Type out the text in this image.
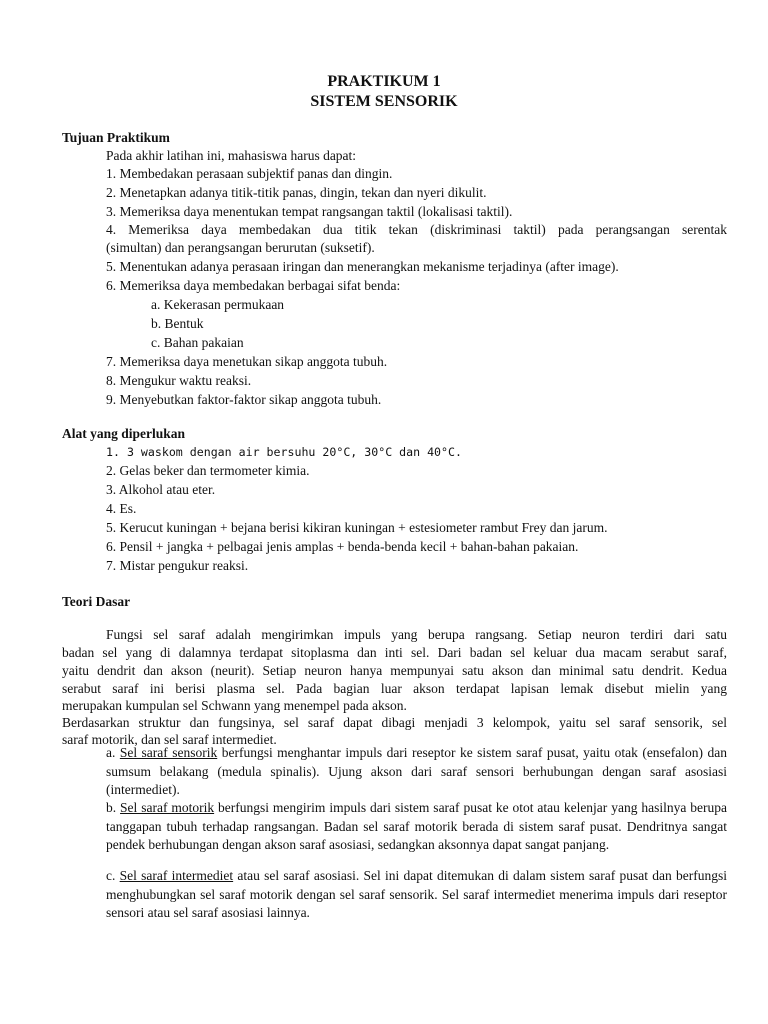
PRAKTIKUM 1

SISTEM SENSORIK

Tujuan Praktikum

Pada akhir latihan ini, mahasiswa harus dapat:

1. Membedakan perasaan subjektif panas dan dingin.

2. Menetapkan adanya titik-titik panas, dingin, tekan dan nyeri dikulit.

3. Memeriksa daya menentukan tempat rangsangan taktil (lokalisasi taktil).

4. Memeriksa daya membedakan dua titik tekan (diskriminasi taktil) pada perangsangan serentak

(simultan) dan perangsangan berurutan (suksetif).

5. Menentukan adanya perasaan iringan dan menerangkan mekanisme terjadinya (after image).

6. Memeriksa daya membedakan berbagai sifat benda:

a. Kekerasan permukaan

b. Bentuk

c. Bahan pakaian

7. Memeriksa daya menetukan sikap anggota tubuh.

8. Mengukur waktu reaksi.

9. Menyebutkan faktor-faktor sikap anggota tubuh.

Alat yang diperlukan

1. 3 waskom dengan air bersuhu 20°C, 30°C dan 40°C.

2. Gelas beker dan termometer kimia.

3. Alkohol atau eter.

4. Es.

5. Kerucut kuningan + bejana berisi kikiran kuningan + estesiometer rambut Frey dan jarum.

6. Pensil + jangka + pelbagai jenis amplas + benda-benda kecil + bahan-bahan pakaian.

7. Mistar pengukur reaksi.

Teori Dasar

Fungsi sel saraf adalah mengirimkan impuls yang berupa rangsang. Setiap neuron terdiri dari satu

badan sel yang di dalamnya terdapat sitoplasma dan inti sel. Dari badan sel keluar dua macam serabut saraf,

yaitu dendrit dan akson (neurit). Setiap neuron hanya mempunyai satu akson dan minimal satu dendrit. Kedua

serabut saraf ini berisi plasma sel. Pada bagian luar akson terdapat lapisan lemak disebut mielin yang

merupakan kumpulan sel Schwann yang menempel pada akson.

Berdasarkan struktur dan fungsinya, sel saraf dapat dibagi menjadi 3 kelompok, yaitu sel saraf sensorik, sel

saraf motorik, dan sel saraf intermediet.

a. Sel saraf sensorik berfungsi menghantar impuls dari reseptor ke sistem saraf pusat, yaitu otak (ensefalon) dan sumsum belakang (medula spinalis). Ujung akson dari saraf sensori berhubungan dengan saraf asosiasi (intermediet).

b. Sel saraf motorik berfungsi mengirim impuls dari sistem saraf pusat ke otot atau kelenjar yang hasilnya berupa tanggapan tubuh terhadap rangsangan. Badan sel saraf motorik berada di sistem saraf pusat. Dendritnya sangat pendek berhubungan dengan akson saraf asosiasi, sedangkan aksonnya dapat sangat panjang.

c. Sel saraf intermediet atau sel saraf asosiasi. Sel ini dapat ditemukan di dalam sistem saraf pusat dan berfungsi menghubungkan sel saraf motorik dengan sel saraf sensorik. Sel saraf intermediet menerima impuls dari reseptor sensori atau sel saraf asosiasi lainnya.
